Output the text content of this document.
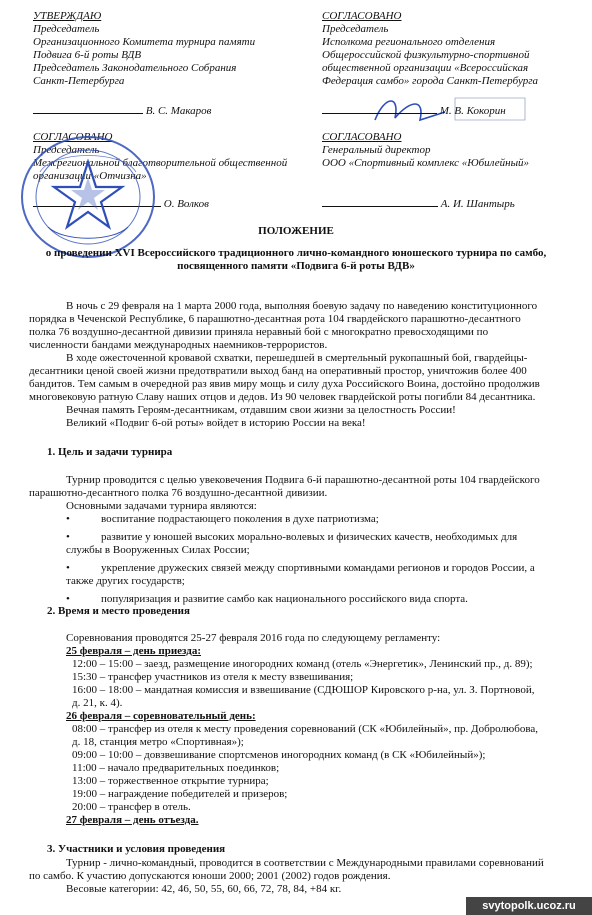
УТВЕРЖДАЮ
Председатель
Организационного Комитета турнира памяти
Подвига 6-й роты ВДВ
Председатель Законодательного Собрания
Санкт-Петербурга
В. С. Макаров
СОГЛАСОВАНО
Председатель
Исполкома регионального отделения
Общероссийской физкультурно-спортивной
общественной организации «Всероссийская
Федерация самбо» города Санкт-Петербурга
М. В. Кокорин
СОГЛАСОВАНО
Председатель
Межрегиональной благотворительной общественной
организации «Отчизна»
О. Волков
СОГЛАСОВАНО
Генеральный директор
ООО «Спортивный комплекс «Юбилейный»
А. И. Шантырь
ПОЛОЖЕНИЕ
о проведении XVI Всероссийского традиционного лично-командного юношеского турнира по самбо,
посвященного памяти «Подвига 6-й роты ВДВ»
В ночь с 29 февраля на 1 марта 2000 года, выполняя боевую задачу по наведению конституционного
порядка в Чеченской Республике, 6 парашютно-десантная рота 104 гвардейского парашютно-десантного
полка 76 воздушно-десантной дивизии приняла неравный бой с многократно превосходящими по
численности бандами международных наемников-террористов.
В ходе ожесточенной кровавой схватки, перешедшей в смертельный рукопашный бой, гвардейцы-
десантники ценой своей жизни предотвратили выход банд на оперативный простор, уничтожив более 400
бандитов. Тем самым в очередной раз явив миру мощь и силу духа Российского Воина, достойно продолжив
многовековую ратную Славу наших отцов и дедов. Из 90 человек гвардейской роты погибли 84 десантника.
Вечная память Героям-десантникам, отдавшим свои жизни за целостность России!
Великий «Подвиг 6-ой роты» войдет в историю России на века!
1. Цель и задачи турнира
Турнир проводится с целью увековечения Подвига 6-й парашютно-десантной роты 104 гвардейского
парашютно-десантного полка 76 воздушно-десантной дивизии.
Основными задачами турнира являются:
•	воспитание подрастающего поколения в духе патриотизма;
•	развитие у юношей высоких морально-волевых и физических качеств, необходимых для
службы в Вооруженных Силах России;
•	укрепление дружеских связей между спортивными командами регионов и городов России, а
также других государств;
•	популяризация и развитие самбо как национального российского вида спорта.
2. Время и место проведения
Соревнования проводятся 25-27 февраля 2016 года по следующему регламенту:
25 февраля – день приезда:
12:00 – 15:00 – заезд, размещение иногородних команд (отель «Энергетик», Ленинский пр., д. 89);
15:30 – трансфер участников из отеля к месту взвешивания;
16:00 – 18:00 – мандатная комиссия и взвешивание (СДЮШОР Кировского р-на, ул. З. Портновой,
д. 21, к. 4).
26 февраля – соревновательный день:
08:00 – трансфер из отеля к месту проведения соревнований (СК «Юбилейный», пр. Добролюбова,
д. 18, станция метро «Спортивная»);
09:00 – 10:00 – довзвешивание спортсменов иногородних команд (в СК «Юбилейный»);
11:00 – начало предварительных поединков;
13:00 – торжественное открытие турнира;
19:00 – награждение победителей и призеров;
20:00 – трансфер в отель.
27 февраля – день отъезда.
3. Участники и условия проведения
Турнир - лично-командный, проводится в соответствии с Международными правилами соревнований
по самбо. К участию допускаются юноши 2000; 2001 (2002) годов рождения.
Весовые категории: 42, 46, 50, 55, 60, 66, 72, 78, 84, +84 кг.
svytopolk.ucoz.ru
